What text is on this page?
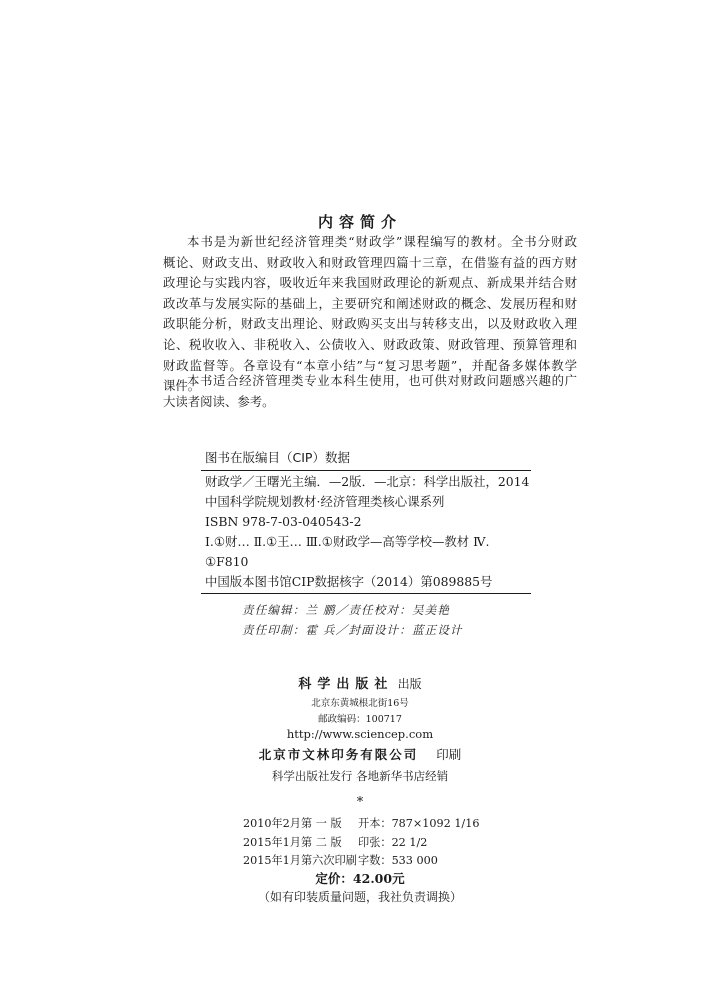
内容简介
本书是为新世纪经济管理类“财政学”课程编写的教材。全书分财政
概论、财政支出、财政收入和财政管理四篇十三章，在借鉴有益的西方财
政理论与实践内容，吸收近年来我国财政理论的新观点、新成果并结合财
政改革与发展实际的基础上，主要研究和阐述财政的概念、发展历程和财
政职能分析，财政支出理论、财政购买支出与转移支出，以及财政收入理
论、税收收入、非税收入、公债收入、财政政策、财政管理、预算管理和
财政监督等。各章设有“本章小结”与“复习思考题”，并配备多媒体教学
课件。
本书适合经济管理类专业本科生使用，也可供对财政问题感兴趣的广
大读者阅读、参考。
图书在版编目（CIP）数据
财政学／王曙光主编．—2版．—北京：科学出版社，2014
中国科学院规划教材·经济管理类核心课系列
ISBN 978-7-03-040543-2
Ⅰ.①财… Ⅱ.①王… Ⅲ.①财政学—高等学校—教材 Ⅳ.
①F810
中国版本图书馆CIP数据核字（2014）第089885号
责任编辑：兰 鹏／责任校对：吴美艳
责任印制：霍 兵／封面设计：蓝正设计
科学出版社 出版
北京东黄城根北街16号
邮政编码：100717
http://www.sciencep.com
北京市文林印务有限公司 印刷
科学出版社发行 各地新华书店经销
*
2010年2月第 一 版 开本：787×1092 1/16
2015年1月第 二 版 印张：22 1/2
2015年1月第六次印刷字数：533 000
定价：42.00元
（如有印装质量问题，我社负责调换）
